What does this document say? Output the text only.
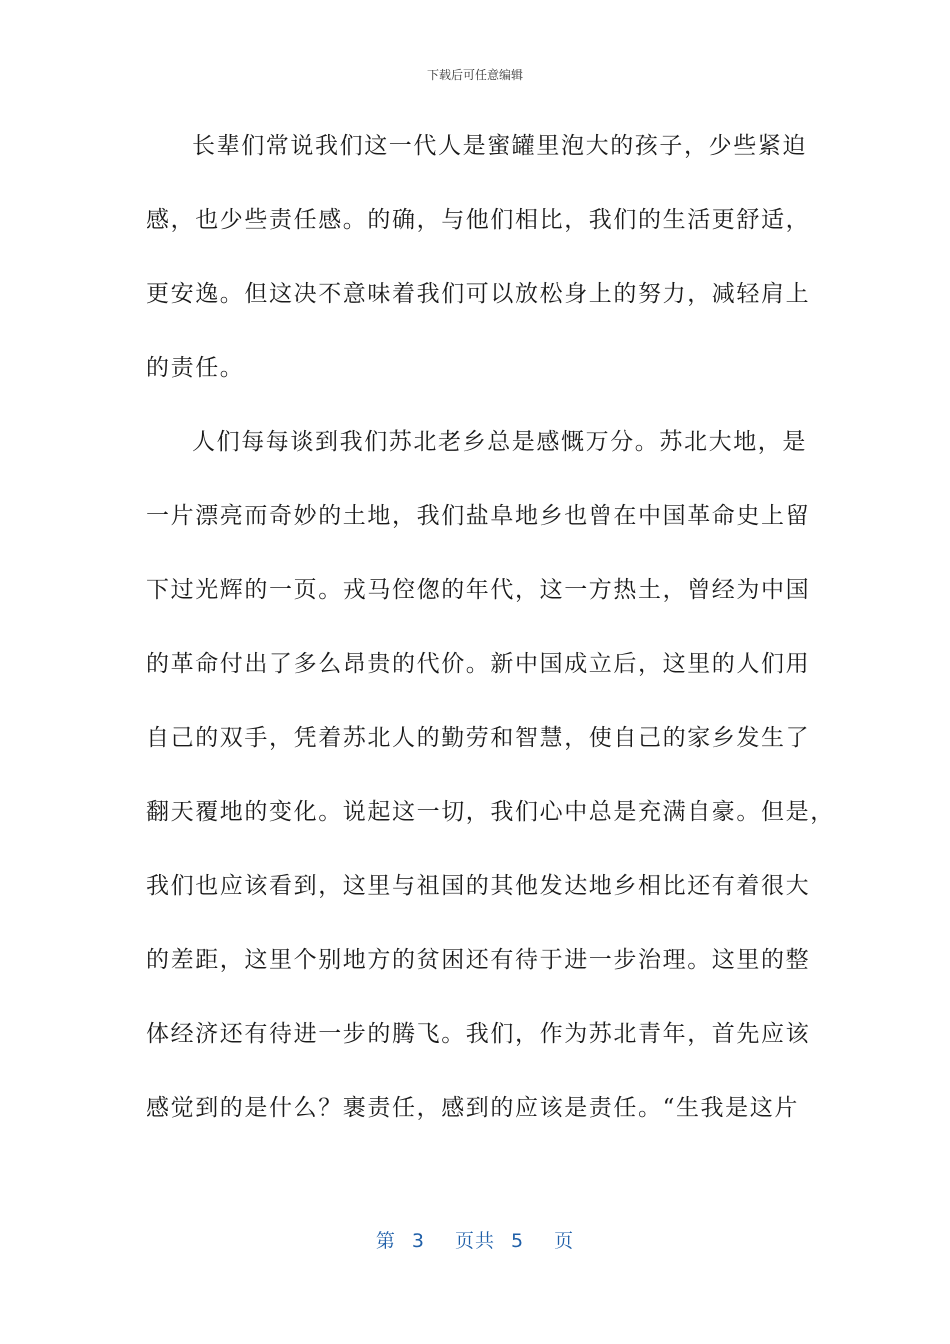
下载后可任意编辑
长辈们常说我们这一代人是蜜罐里泡大的孩子，少些紧迫
感，也少些责任感。的确，与他们相比，我们的生活更舒适，
更安逸。但这决不意味着我们可以放松身上的努力，减轻肩上
的责任。
人们每每谈到我们苏北老乡总是感慨万分。苏北大地，是
一片漂亮而奇妙的土地，我们盐阜地乡也曾在中国革命史上留
下过光辉的一页。戎马倥偬的年代，这一方热土，曾经为中国
的革命付出了多么昂贵的代价。新中国成立后，这里的人们用
自己的双手，凭着苏北人的勤劳和智慧，使自己的家乡发生了
翻天覆地的变化。说起这一切，我们心中总是充满自豪。但是，
我们也应该看到，这里与祖国的其他发达地乡相比还有着很大
的差距，这里个别地方的贫困还有待于进一步治理。这里的整
体经济还有待进一步的腾飞。我们，作为苏北青年，首先应该
感觉到的是什么？裹责任，感到的应该是责任。“生我是这片
第 3 页共 5 页
